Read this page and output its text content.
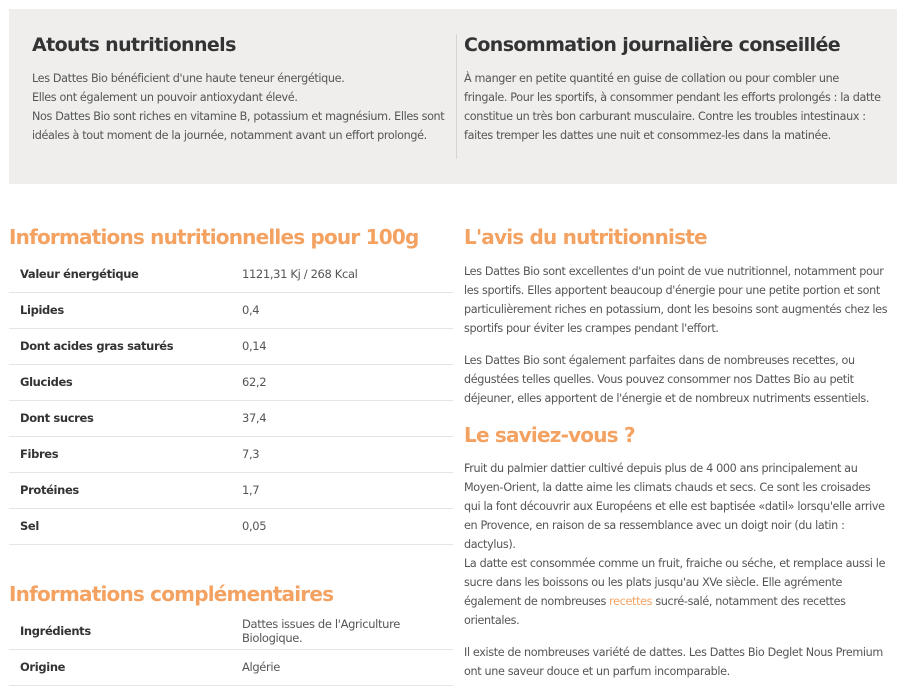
Atouts nutritionnels

Les Dattes Bio bénéficient d'une haute teneur énergétique.

Elles ont également un pouvoir antioxydant élevé.

Nos Dattes Bio sont riches en vitamine B, potassium et magnésium. Elles sont idéales à tout moment de la journée, notamment avant un effort prolongé.

Consommation journalière conseillée

À manger en petite quantité en guise de collation ou pour combler une fringale. Pour les sportifs, à consommer pendant les efforts prolongés : la datte constitue un très bon carburant musculaire. Contre les troubles intestinaux : faites tremper les dattes une nuit et consommez-les dans la matinée.

Informations nutritionnelles pour 100g
Valeur énergétique	1121,31 Kj / 268 Kcal
Lipides	0,4
Dont acides gras saturés	0,14
Glucides	62,2
Dont sucres	37,4
Fibres	7,3
Protéines	1,7
Sel	0,05
Informations complémentaires
Ingrédients	Dattes issues de l'Agriculture Biologique.
Origine	Algérie
L'avis du nutritionniste

Les Dattes Bio sont excellentes d'un point de vue nutritionnel, notamment pour les sportifs. Elles apportent beaucoup d'énergie pour une petite portion et sont particulièrement riches en potassium, dont les besoins sont augmentés chez les sportifs pour éviter les crampes pendant l'effort.

Les Dattes Bio sont également parfaites dans de nombreuses recettes, ou dégustées telles quelles. Vous pouvez consommer nos Dattes Bio au petit déjeuner, elles apportent de l'énergie et de nombreux nutriments essentiels.

Le saviez-vous ?

Fruit du palmier dattier cultivé depuis plus de 4 000 ans principalement au Moyen-Orient, la datte aime les climats chauds et secs. Ce sont les croisades qui la font découvrir aux Européens et elle est baptisée «datil» lorsqu'elle arrive en Provence, en raison de sa ressemblance avec un doigt noir (du latin : dactylus).

La datte est consommée comme un fruit, fraiche ou séche, et remplace aussi le sucre dans les boissons ou les plats jusqu'au XVe siècle. Elle agrémente également de nombreuses recettes sucré-salé, notamment des recettes orientales.

Il existe de nombreuses variété de dattes. Les Dattes Bio Deglet Nous Premium ont une saveur douce et un parfum incomparable.
